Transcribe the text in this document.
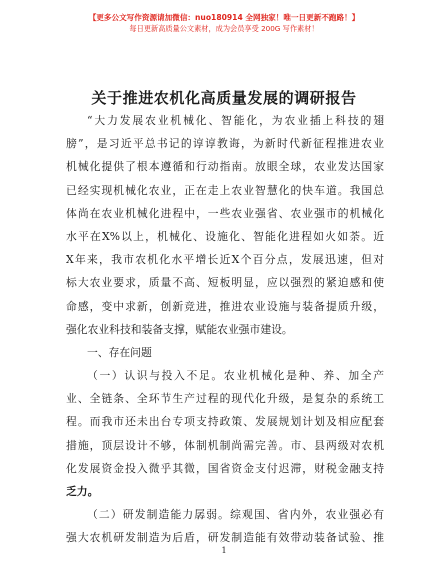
【更多公文写作资源请加微信：nuo180914 全网独家！唯一日更新不跑路！】
每日更新高质量公文素材，成为会员享受 200G 写作素材！
关于推进农机化高质量发展的调研报告
“大力发展农业机械化、智能化，为农业插上科技的翅
膀”，是习近平总书记的谆谆教诲，为新时代新征程推进农业
机械化提供了根本遵循和行动指南。放眼全球，农业发达国家
已经实现机械化农业，正在走上农业智慧化的快车道。我国总
体尚在农业机械化进程中，一些农业强省、农业强市的机械化
水平在X%以上，机械化、设施化、智能化进程如火如荼。近
X年来，我市农机化水平增长近X个百分点，发展迅速，但对
标大农业要求，质量不高、短板明显，应以强烈的紧迫感和使
命感，变中求新，创新竞进，推进农业设施与装备提质升级，
强化农业科技和装备支撑，赋能农业强市建设。
一、存在问题
（一）认识与投入不足。农业机械化是种、养、加全产
业、全链条、全环节生产过程的现代化升级，是复杂的系统工
程。而我市还未出台专项支持政策、发展规划计划及相应配套
措施，顶层设计不够，体制机制尚需完善。市、县两级对农机
化发展资金投入微乎其微，国省资金支付迟滞，财税金融支持
乏力。
（二）研发制造能力孱弱。综观国、省内外，农业强必有
强大农机研发制造为后盾，研发制造能有效带动装备试验、推
1
